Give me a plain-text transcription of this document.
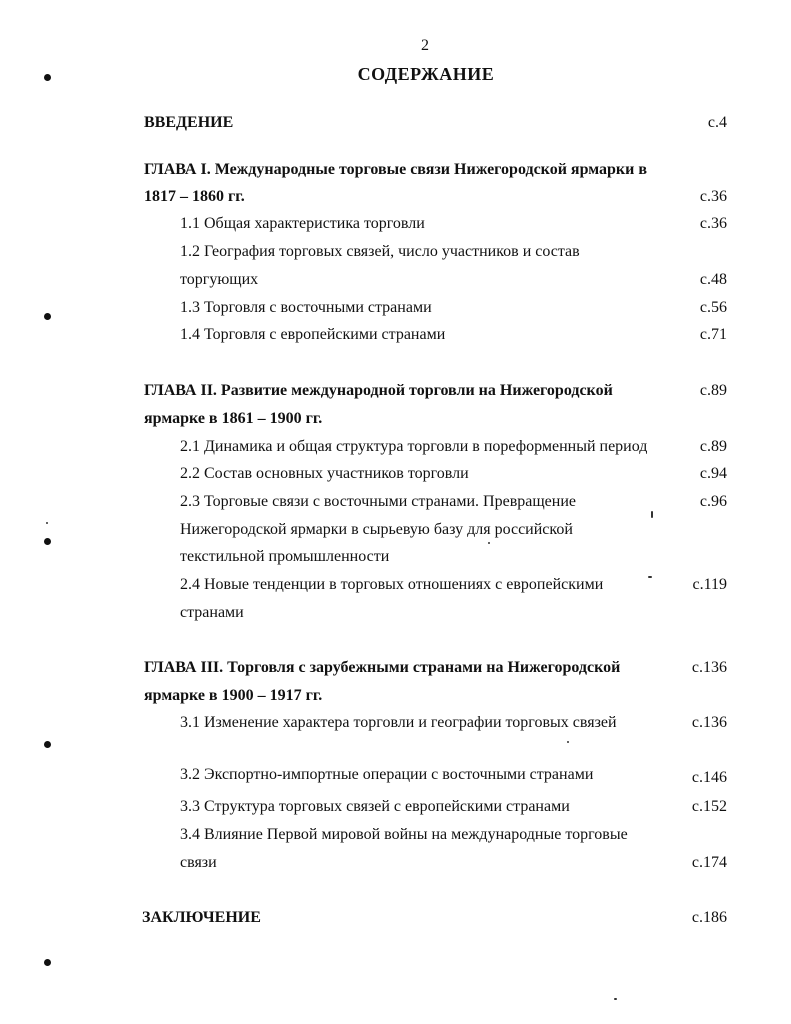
2
СОДЕРЖАНИЕ
ВВЕДЕНИЕ	с.4
ГЛАВА I. Международные торговые связи Нижегородской ярмарки в
1817 – 1860 гг.	с.36
1.1 Общая характеристика торговли	с.36
1.2 География торговых связей, число участников и состав
торгующих	с.48
1.3 Торговля с восточными странами	с.56
1.4 Торговля с европейскими странами	с.71
ГЛАВА II. Развитие международной торговли на Нижегородской	с.89
ярмарке в 1861 – 1900 гг.
2.1 Динамика и общая структура торговли в пореформенный период	с.89
2.2 Состав основных участников торговли	с.94
2.3 Торговые связи с восточными странами. Превращение	с.96
Нижегородской ярмарки в сырьевую базу для российской
текстильной промышленности
2.4 Новые тенденции в торговых отношениях с европейскими	с.119
странами
ГЛАВА III. Торговля с зарубежными странами на Нижегородской	с.136
ярмарке в 1900 – 1917 гг.
3.1 Изменение характера торговли и географии торговых связей	с.136
3.2 Экспортно-импортные операции с восточными странами	с.146
3.3 Структура торговых связей с европейскими странами	с.152
3.4 Влияние Первой мировой войны на международные торговые
связи	с.174
ЗАКЛЮЧЕНИЕ	с.186
